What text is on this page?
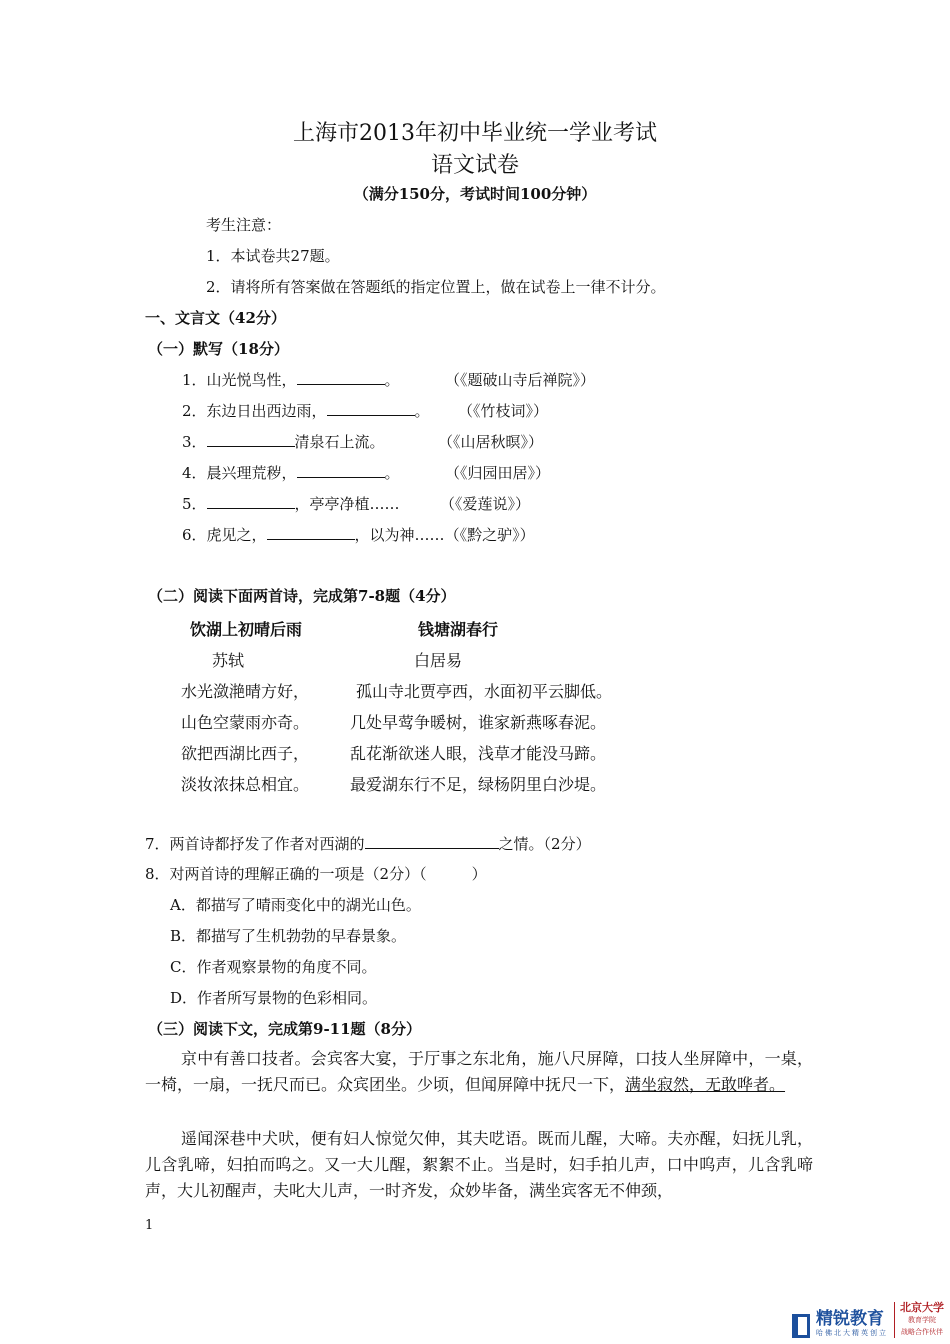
上海市2013年初中毕业统一学业考试
语文试卷
（满分150分，考试时间100分钟）
考生注意：
1．本试卷共27题。
2．请将所有答案做在答题纸的指定位置上，做在试卷上一律不计分。
一、文言文（42分）
（一）默写（18分）
1．山光悦鸟性，	。	（《题破山寺后禅院》）
2．东边日出西边雨，	。 （《竹枝词》）
3．	清泉石上流。	（《山居秋暝》）
4．晨兴理荒秽，	。	（《归园田居》）
5．	，亭亭净植……	（《爱莲说》）
6．虎见之，	，以为神……（《黔之驴》）
（二）阅读下面两首诗，完成第7-8题（4分）
饮湖上初晴后雨	钱塘湖春行
苏轼	白居易
水光潋滟晴方好，	孤山寺北贾亭西，水面初平云脚低。
山色空蒙雨亦奇。	几处早莺争暖树，谁家新燕啄春泥。
欲把西湖比西子，	乱花渐欲迷人眼，浅草才能没马蹄。
淡妆浓抹总相宜。	最爱湖东行不足，绿杨阴里白沙堤。
7．两首诗都抒发了作者对西湖的	之情。（2分）
8．对两首诗的理解正确的一项是（2分）（　　　）
A．都描写了晴雨变化中的湖光山色。
B．都描写了生机勃勃的早春景象。
C．作者观察景物的角度不同。
D．作者所写景物的色彩相同。
（三）阅读下文，完成第9-11题（8分）
京中有善口技者。会宾客大宴，于厅事之东北角，施八尺屏障，口技人坐屏障中，一桌，一椅，一扇，一抚尺而已。众宾团坐。少顷，但闻屏障中抚尺一下，满坐寂然，无敢哗者。
遥闻深巷中犬吠，便有妇人惊觉欠伸，其夫呓语。既而儿醒，大啼。夫亦醒，妇抚儿乳，儿含乳啼，妇拍而呜之。又一大儿醒，絮絮不止。当是时，妇手拍儿声，口中呜声，儿含乳啼声，大儿初醒声，夫叱大儿声，一时齐发，众妙毕备，满坐宾客无不伸颈，
1
精锐教育
哈佛北大精英创立
北京大学
教育学院
战略合作伙伴
